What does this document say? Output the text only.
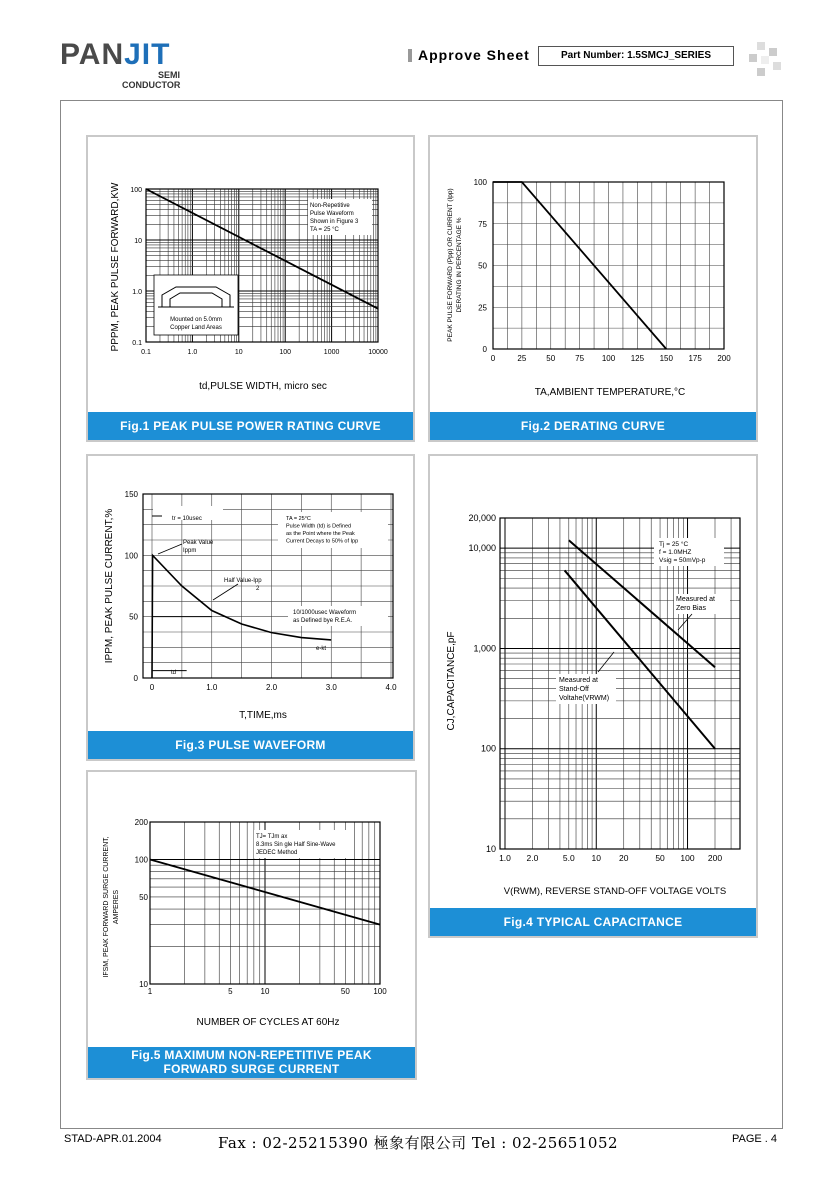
PANJIT
SEMI
CONDUCTOR
Approve Sheet	Part Number: 1.5SMCJ_SERIES
Mounted on 5.0mm
Copper Land Areas
Non-Repetitive
Pulse Waveform
Shown in Figure 3
TA = 25 °C
100
10
1.0
0.1
0.1	1.0	10	100	1000	10000
td,PULSE WIDTH, micro sec
PPPM, PEAK PULSE FORWARD,KW
Fig.1 PEAK PULSE POWER RATING CURVE
100
75
50
25
0
0	25 50 75 100 125 150 175 200
TA,AMBIENT TEMPERATURE,°C
PEAK PULSE FORWARD (Ppp) OR CURRENT (Ipp) DERATING IN PERCENTAGE %
Fig.2 DERATING CURVE
tr = 10usec
Peak Value
Ippm
TA = 25°C
Pulse Width (td) is Defined
as the Point where the Peak
Current Decays to 50% of Ipp
Half Value-Ipp
2
10/1000usec Waveform
as Defined bye R.E.A.
e-kt
td
150
100
50
0
0	1.0	2.0	3.0	4.0
T,TIME,ms
IPPM, PEAK PULSE CURRENT,%
Fig.3 PULSE WAVEFORM
Tj = 25 °C
f = 1.0MHZ
Vsig = 50mVp-p
Measured at
Zero Bias
Measured at
Stand-Off
Voltahe(VRWM)
20,000
10,000
1,000
100
10
1.0 2.0	5.0 10 20	50 100 200
V(RWM), REVERSE STAND-OFF VOLTAGE VOLTS
CJ,CAPACITANCE,pF
Fig.4 TYPICAL CAPACITANCE
TJ= TJm ax
8.3ms Sin gle Half Sine-Wave
JEDEC Method
200
100
50
10
1	5	10	50	100
NUMBER OF CYCLES AT 60Hz
IFSM, PEAK FORWARD SURGE CURRENT, AMPERES
Fig.5 MAXIMUM NON-REPETITIVE PEAK
FORWARD SURGE CURRENT
STAD-APR.01.2004	Fax : 02-25215390 極象有限公司 Tel : 02-25651052	PAGE . 4
